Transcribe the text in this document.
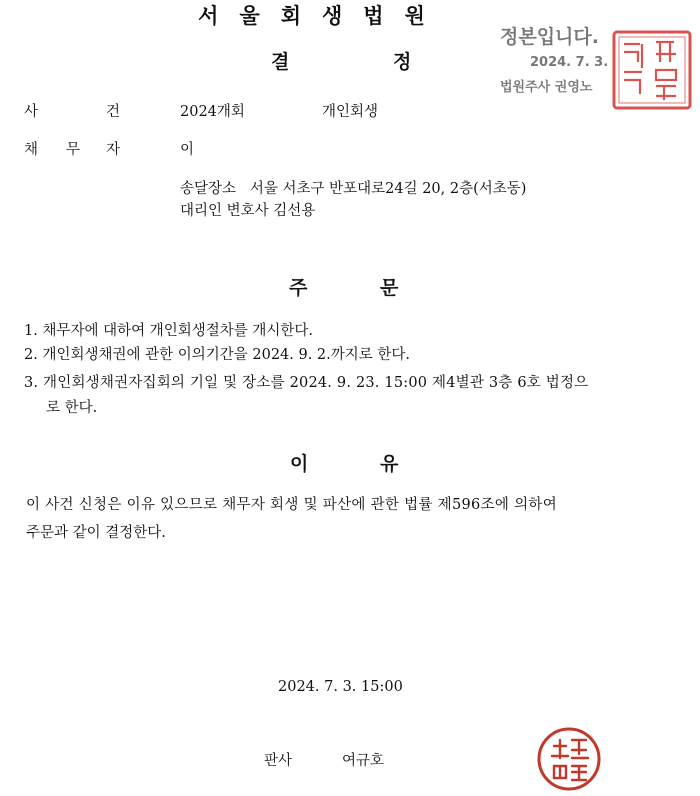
서울회생법원
결	정
정본입니다.
2024. 7. 3.
법원주사 권영노
사	건	2024개회	개인회생
채 무 자	이
송달장소   서울 서초구 반포대로24길 20, 2층(서초동)
대리인 변호사 김선용
주	문
1. 채무자에 대하여 개인회생절차를 개시한다.
2. 개인회생채권에 관한 이의기간을 2024. 9. 2.까지로 한다.
3. 개인회생채권자집회의 기일 및 장소를 2024. 9. 23. 15:00 제4별관 3층 6호 법정으
로 한다.
이	유
이 사건 신청은 이유 있으므로 채무자 회생 및 파산에 관한 법률 제596조에 의하여
주문과 같이 결정한다.
2024. 7. 3. 15:00
판사	여규호
